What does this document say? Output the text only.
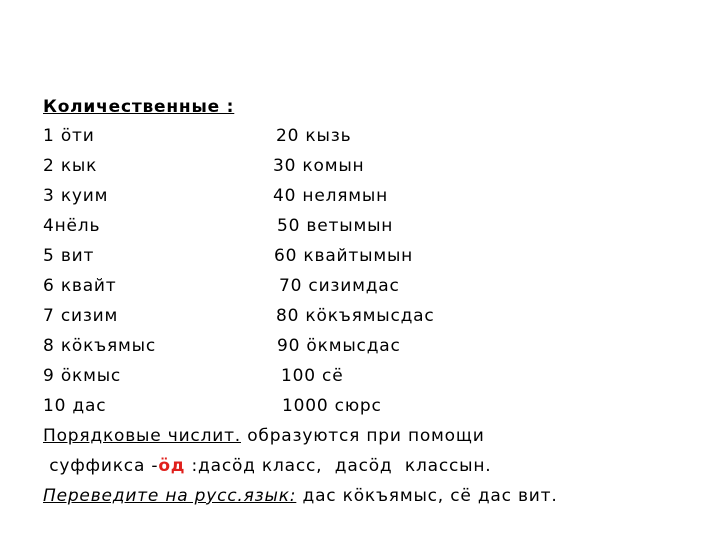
Количественные :
1 ӧти
2 кык
3 куим
4нёль
5 вит
6 квайт
7 сизим
8 кӧкъямыс
9 ӧкмыс
10 дас
20 кызь
30 комын
40 нелямын
50 ветымын
60 квайтымын
70 сизимдас
80 кӧкъямысдас
90 ӧкмысдас
100 сё
1000 сюрс
Порядковые числит. образуются при помощи
суффикса -ӧд :дасӧд класс,  дасӧд  классын.
Переведите на русс.язык: дас кӧкъямыс, сё дас вит.
